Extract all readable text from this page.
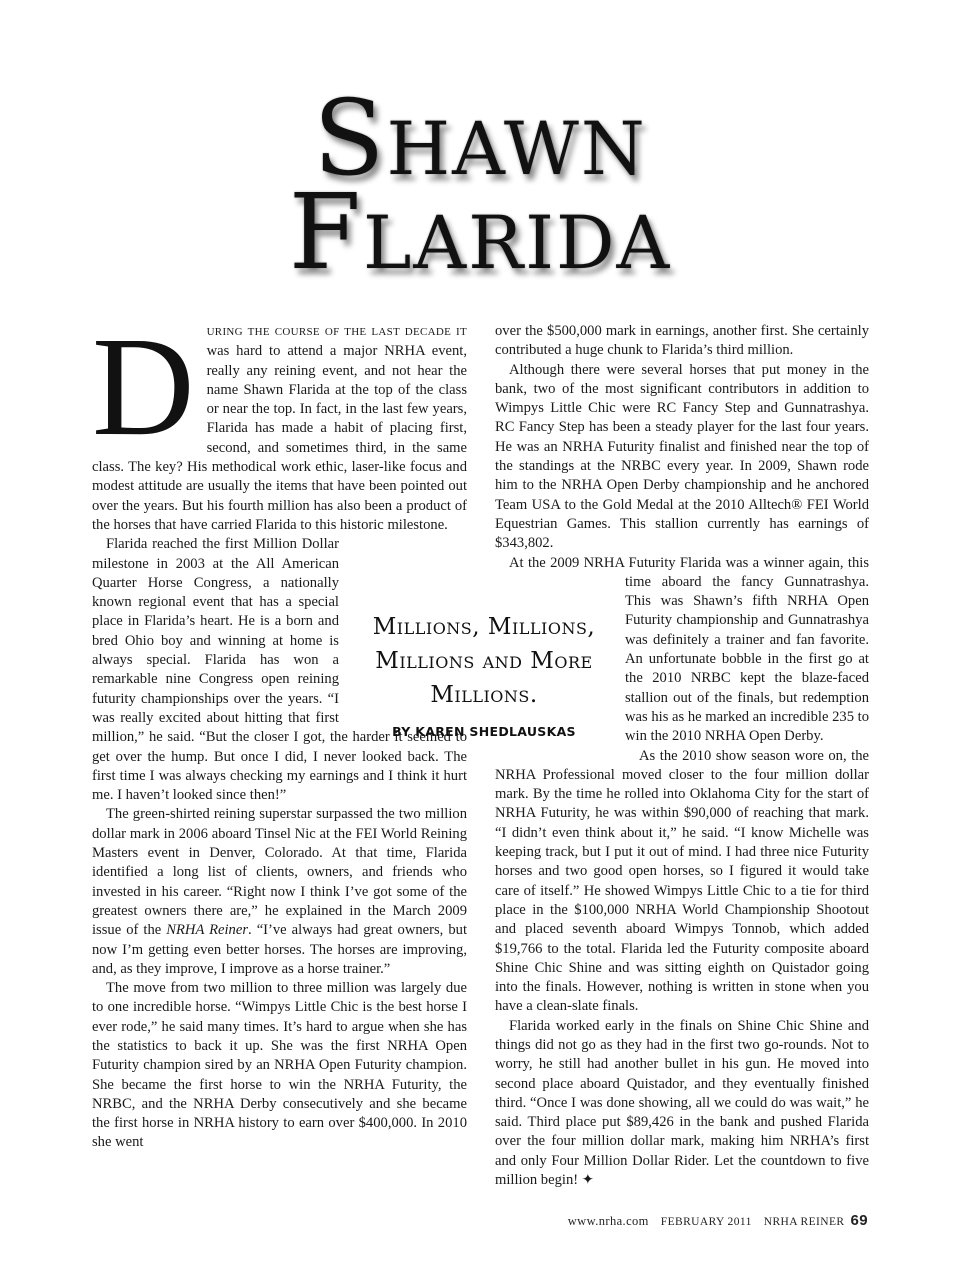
Shawn
Flarida

D URING THE COURSE OF THE LAST DECADE IT was hard to attend a major NRHA event, really any reining event, and not hear the name Shawn Flarida at the top of the class or near the top. In fact, in the last few years, Flarida has made a habit of placing first, second, and sometimes third, in the same class. The key? His methodical work ethic, laser-like focus and modest attitude are usually the items that have been pointed out over the years. But his fourth million has also been a product of the horses that have carried Flarida to this historic milestone.

Flarida reached the first Million Dollar milestone in 2003 at the All American Quarter Horse Congress, a nationally known regional event that has a special place in Flarida’s heart. He is a born and bred Ohio boy and winning at home is always special. Flarida has won a remarkable nine Congress open reining futurity championships over the years. “I was really excited about hitting that first million,” he said. “But the closer I got, the harder it seemed to get over the hump. But once I did, I never looked back. The first time I was always checking my earnings and I think it hurt me. I haven’t looked since then!”

The green-shirted reining superstar surpassed the two million dollar mark in 2006 aboard Tinsel Nic at the FEI World Reining Masters event in Denver, Colorado. At that time, Flarida identified a long list of clients, owners, and friends who invested in his career. “Right now I think I’ve got some of the greatest owners there are,” he explained in the March 2009 issue of the NRHA Reiner. “I’ve always had great owners, but now I’m getting even better horses. The horses are improving, and, as they improve, I improve as a horse trainer.”

The move from two million to three million was largely due to one incredible horse. “Wimpys Little Chic is the best horse I ever rode,” he said many times. It’s hard to argue when she has the statistics to back it up. She was the first NRHA Open Futurity champion sired by an NRHA Open Futurity champion. She became the first horse to win the NRHA Futurity, the NRBC, and the NRHA Derby consecutively and she became the first horse in NRHA history to earn over $400,000. In 2010 she went

over the $500,000 mark in earnings, another first. She certainly contributed a huge chunk to Flarida’s third million.

Although there were several horses that put money in the bank, two of the most significant contributors in addition to Wimpys Little Chic were RC Fancy Step and Gunnatrashya. RC Fancy Step has been a steady player for the last four years. He was an NRHA Futurity finalist and finished near the top of the standings at the NRBC every year. In 2009, Shawn rode him to the NRHA Open Derby championship and he anchored Team USA to the Gold Medal at the 2010 Alltech® FEI World Equestrian Games. This stallion currently has earnings of $343,802.

At the 2009 NRHA Futurity Flarida was a winner again, this time aboard the fancy Gunnatrashya. This was Shawn’s fifth NRHA Open Futurity championship and Gunnatrashya was definitely a trainer and fan favorite. An unfortunate bobble in the first go at the 2010 NRBC kept the blaze-faced stallion out of the finals, but redemption was his as he marked an incredible 235 to win the 2010 NRHA Open Derby.

As the 2010 show season wore on, the NRHA Professional moved closer to the four million dollar mark. By the time he rolled into Oklahoma City for the start of NRHA Futurity, he was within $90,000 of reaching that mark. “I didn’t even think about it,” he said. “I know Michelle was keeping track, but I put it out of mind. I had three nice Futurity horses and two good open horses, so I figured it would take care of itself.” He showed Wimpys Little Chic to a tie for third place in the $100,000 NRHA World Championship Shootout and placed seventh aboard Wimpys Tonnob, which added $19,766 to the total. Flarida led the Futurity composite aboard Shine Chic Shine and was sitting eighth on Quistador going into the finals. However, nothing is written in stone when you have a clean-slate finals.

Flarida worked early in the finals on Shine Chic Shine and things did not go as they had in the first two go-rounds. Not to worry, he still had another bullet in his gun. He moved into second place aboard Quistador, and they eventually finished third. “Once I was done showing, all we could do was wait,” he said. Third place put $89,426 in the bank and pushed Flarida over the four million dollar mark, making him NRHA’s first and only Four Million Dollar Rider. Let the countdown to five million begin! ✦

Millions, Millions, Millions and More Millions.
BY KAREN SHEDLAUSKAS
www.nrha.com FEBRUARY 2011 NRHA REINER 69
